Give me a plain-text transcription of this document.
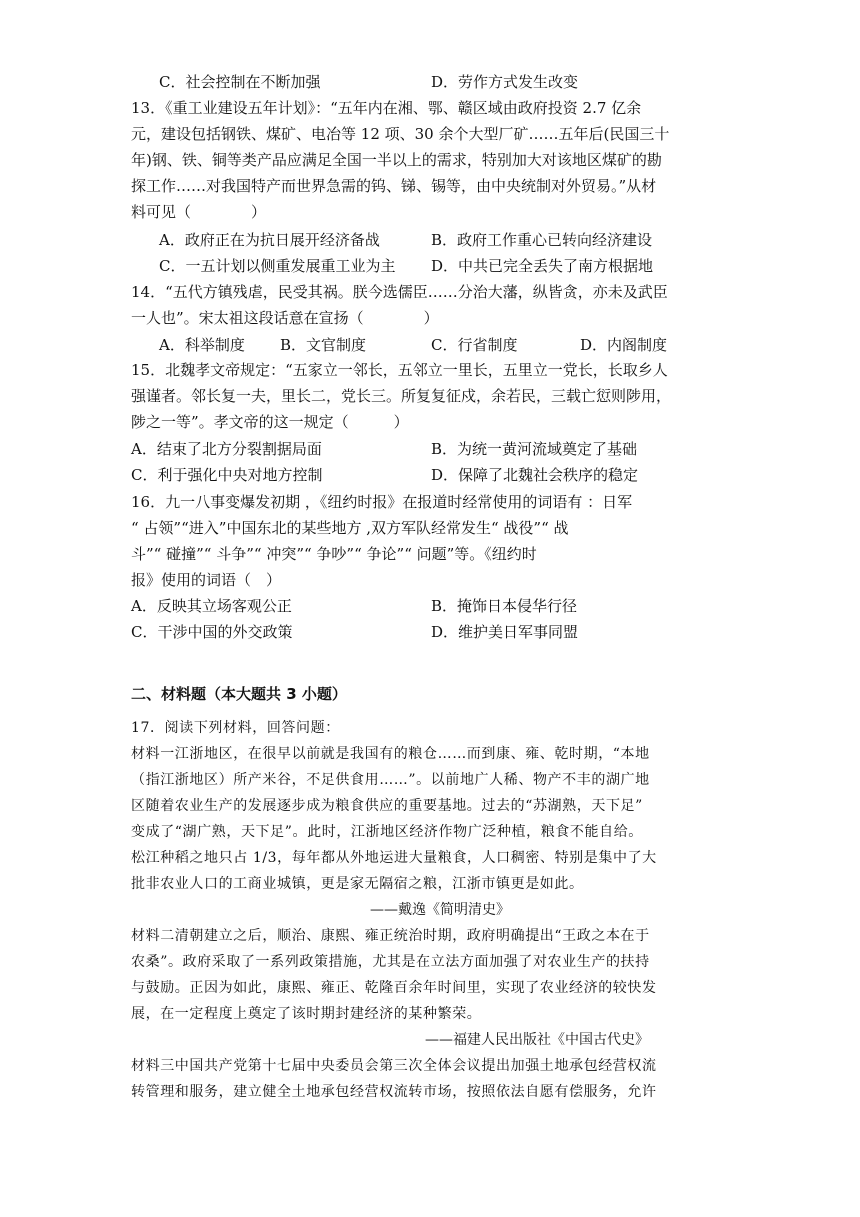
C．社会控制在不断加强	D．劳作方式发生改变
13．《重工业建设五年计划》：“五年内在湘、鄂、赣区域由政府投资 2.7 亿余
元，建设包括钢铁、煤矿、电冶等 12 项、30 余个大型厂矿……五年后(民国三十
年)钢、铁、铜等类产品应满足全国一半以上的需求，特别加大对该地区煤矿的勘
探工作……对我国特产而世界急需的钨、锑、锡等，由中央统制对外贸易。”从材
料可见（　　　　）
A．政府正在为抗日展开经济备战	B．政府工作重心已转向经济建设
C．一五计划以侧重发展重工业为主 D．中共已完全丢失了南方根据地
14．“五代方镇残虐，民受其祸。朕今选儒臣……分治大藩，纵皆贪，亦未及武臣
一人也”。宋太祖这段话意在宣扬（　　　　）
A．科举制度 B．文官制度	C．行省制度	D．内阁制度
15．北魏孝文帝规定：“五家立一邻长，五邻立一里长，五里立一党长，长取乡人
强谨者。邻长复一夫，里长二，党长三。所复复征戍，余若民，三载亡愆则陟用，
陟之一等”。孝文帝的这一规定（　　　）
A．结束了北方分裂割据局面	B．为统一黄河流域奠定了基础
C．利于强化中央对地方控制	D．保障了北魏社会秩序的稳定
16．九一八事变爆发初期 ，《纽约时报》在报道时经常使用的词语有 ：日军
“ 占领”“进入”中国东北的某些地方 ,双方军队经常发生“ 战役”“ 战
斗”“ 碰撞”“ 斗争”“ 冲突”“ 争吵”“ 争论”“ 问题”等。《纽约时
报》使用的词语（　）
A．反映其立场客观公正	B．掩饰日本侵华行径
C．干涉中国的外交政策	D．维护美日军事同盟
二、材料题（本大题共 3 小题）
17．阅读下列材料，回答问题：
材料一江浙地区，在很早以前就是我国有的粮仓……而到康、雍、乾时期，“本地
（指江浙地区）所产米谷，不足供食用……”。以前地广人稀、物产不丰的湖广地
区随着农业生产的发展逐步成为粮食供应的重要基地。过去的“苏湖熟，天下足”
变成了“湖广熟，天下足”。此时，江浙地区经济作物广泛种植，粮食不能自给。
松江种稻之地只占 1/3，每年都从外地运进大量粮食，人口稠密、特别是集中了大
批非农业人口的工商业城镇，更是家无隔宿之粮，江浙市镇更是如此。
——戴逸《简明清史》
材料二清朝建立之后，顺治、康熙、雍正统治时期，政府明确提出“王政之本在于
农桑”。政府采取了一系列政策措施，尤其是在立法方面加强了对农业生产的扶持
与鼓励。正因为如此，康熙、雍正、乾隆百余年时间里，实现了农业经济的较快发
展，在一定程度上奠定了该时期封建经济的某种繁荣。
——福建人民出版社《中国古代史》
材料三中国共产党第十七届中央委员会第三次全体会议提出加强土地承包经营权流
转管理和服务，建立健全土地承包经营权流转市场，按照依法自愿有偿服务，允许
